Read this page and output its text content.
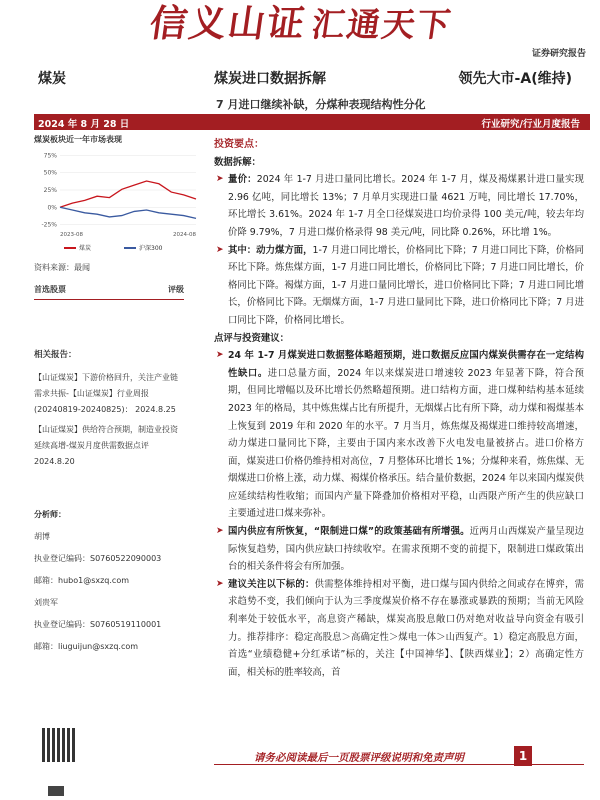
信义山证汇通天下
证券研究报告
煤炭	煤炭进口数据拆解	领先大市-A(维持)
7 月进口继续补缺，分煤种表现结构性分化
2024 年 8 月 28 日	行业研究/行业月度报告
煤炭板块近一年市场表现
75%
50%
25%
0%
-25%
2023-08	2024-08
煤炭	沪深300
资料来源：最闻
首选股票	评级
相关报告：

【山证煤炭】下游价格回升，关注产业链需求共振-【山证煤炭】行业周报(20240819-20240825)： 2024.8.25

【山证煤炭】供给符合预期，制造业投资延续高增-煤炭月度供需数据点评 2024.8.20

分析师：
胡博
执业登记编码：S0760522090003
邮箱：hubo1@sxzq.com
刘贵军
执业登记编码：S0760519110001
邮箱：liuguijun@sxzq.com
投资要点：
数据拆解：

➤ 量价：2024 年 1-7 月进口量同比增长。2024 年 1-7 月，煤及褐煤累计进口量实现 2.96 亿吨，同比增长 13%；7 月单月实现进口量 4621 万吨，同比增长 17.70%，环比增长 3.61%。2024 年 1-7 月全口径煤炭进口均价录得 100 美元/吨，较去年均价降 9.79%，7 月进口煤价格录得 98 美元/吨，同比降 0.26%，环比增 1%。

➤ 其中：动力煤方面，1-7 月进口同比增长，价格同比下降；7 月进口同比下降，价格同环比下降。炼焦煤方面，1-7 月进口同比增长，价格同比下降；7 月进口同比增长，价格同比下降。褐煤方面，1-7 月进口量同比增长，进口价格同比下降；7 月进口同比增长，价格同比下降。无烟煤方面，1-7 月进口量同比下降，进口价格同比下降；7 月进口同比下降，价格同比增长。

点评与投资建议：

➤ 24 年 1-7 月煤炭进口数据整体略超预期，进口数据反应国内煤炭供需存在一定结构性缺口。进口总量方面，2024 年以来煤炭进口增速较 2023 年显著下降，符合预期，但同比增幅以及环比增长仍然略超预期。进口结构方面，进口煤种结构基本延续 2023 年的格局，其中炼焦煤占比有所提升，无烟煤占比有所下降，动力煤和褐煤基本上恢复到 2019 年和 2020 年的水平。7 月当月，炼焦煤及褐煤进口维持较高增速，动力煤进口量同比下降，主要由于国内来水改善下火电发电量被挤占。进口价格方面，煤炭进口价格仍维持相对高位，7 月整体环比增长 1%；分煤种来看，炼焦煤、无烟煤进口价格上涨，动力煤、褐煤价格承压。结合量价数据，2024 年以来国内煤炭供应延续结构性收缩；而国内产量下降叠加价格相对平稳，山西限产所产生的供应缺口主要通过进口煤来弥补。

➤ 国内供应有所恢复，“限制进口煤”的政策基础有所增强。近两月山西煤炭产量呈现边际恢复趋势，国内供应缺口持续收窄。在需求预期不变的前提下，限制进口煤政策出台的相关条件将会有所加强。

➤ 建议关注以下标的：供需整体维持相对平衡，进口煤与国内供给之间或存在博弈，需求趋势不变，我们倾向于认为三季度煤炭价格不存在暴涨或暴跌的预期；当前无风险利率处于较低水平，高息资产稀缺，煤炭高股息敞口仍对绝对收益导向资金有吸引力。推荐排序：稳定高股息＞高确定性＞煤电一体＞山西复产。1）稳定高股息方面，首选“业绩稳健+分红承诺”标的，关注【中国神华】、【陕西煤业】；2）高确定性方面，相关标的胜率较高，首

请务必阅读最后一页股票评级说明和免责声明	1
